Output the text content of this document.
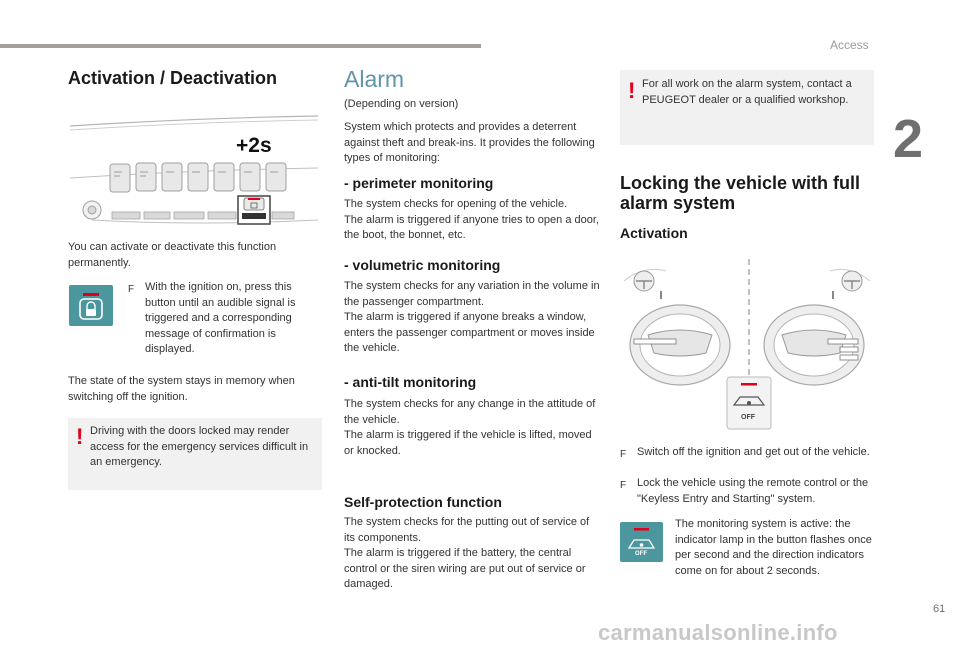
Access
2
61
Activation / Deactivation
+2s
You can activate or deactivate this function permanently.
F With the ignition on, press this button until an audible signal is triggered and a corresponding message of confirmation is displayed.
The state of the system stays in memory when switching off the ignition.
! Driving with the doors locked may render access for the emergency services difficult in an emergency.
Alarm
(Depending on version)
System which protects and provides a deterrent against theft and break-ins. It provides the following types of monitoring:
- perimeter monitoring
The system checks for opening of the vehicle.
The alarm is triggered if anyone tries to open a door, the boot, the bonnet, etc.
- volumetric monitoring
The system checks for any variation in the volume in the passenger compartment.
The alarm is triggered if anyone breaks a window, enters the passenger compartment or moves inside the vehicle.
- anti-tilt monitoring
The system checks for any change in the attitude of the vehicle.
The alarm is triggered if the vehicle is lifted, moved or knocked.
Self-protection function
The system checks for the putting out of service of its components.
The alarm is triggered if the battery, the central control or the siren wiring are put out of service or damaged.
! For all work on the alarm system, contact a PEUGEOT dealer or a qualified workshop.
Locking the vehicle with full alarm system
Activation
OFF
F Switch off the ignition and get out of the vehicle.
F Lock the vehicle using the remote control or the "Keyless Entry and Starting" system.
OFF
The monitoring system is active: the indicator lamp in the button flashes once per second and the direction indicators come on for about 2 seconds.
carmanualsonline.info
